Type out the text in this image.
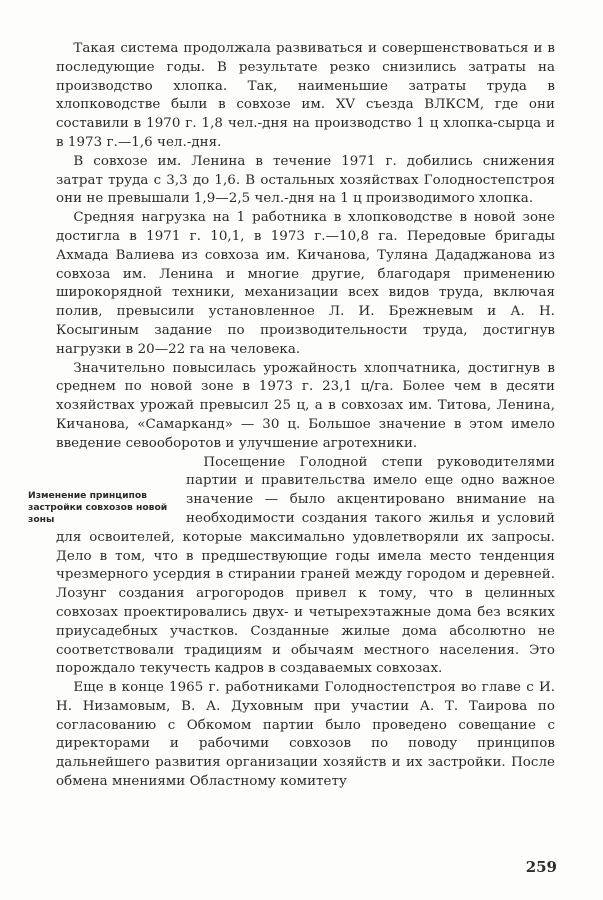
Такая система продолжала развиваться и совершенствоваться и в последующие годы. В результате резко снизились затраты на производство хлопка. Так, наименьшие затраты труда в хлопководстве были в совхозе им. XV съезда ВЛКСМ, где они составили в 1970 г. 1,8 чел.-дня на производство 1 ц хлопка-сырца и в 1973 г.—1,6 чел.-дня.

В совхозе им. Ленина в течение 1971 г. добились снижения затрат труда с 3,3 до 1,6. В остальных хозяйствах Голодностепстроя они не превышали 1,9—2,5 чел.-дня на 1 ц производимого хлопка.

Средняя нагрузка на 1 работника в хлопководстве в новой зоне достигла в 1971 г. 10,1, в 1973 г.—10,8 га. Передовые бригады Ахмада Валиева из совхоза им. Кичанова, Туляна Дададжанова из совхоза им. Ленина и многие другие, благодаря применению широкорядной техники, механизации всех видов труда, включая полив, превысили установленное Л. И. Брежневым и А. Н. Косыгиным задание по производительности труда, достигнув нагрузки в 20—22 га на человека.

Значительно повысилась урожайность хлопчатника, достигнув в среднем по новой зоне в 1973 г. 23,1 ц/га. Более чем в десяти хозяйствах урожай превысил 25 ц, а в совхозах им. Титова, Ленина, Кичанова, «Самарканд» — 30 ц. Большое значение в этом имело введение севооборотов и улучшение агротехники.

Изменение принципов застройки совхозов новой зоны

Посещение Голодной степи руководителями партии и правительства имело еще одно важное значение — было акцентировано внимание на необходимости создания такого жилья и условий для освоителей, которые максимально удовлетворяли их запросы. Дело в том, что в предшествующие годы имела место тенденция чрезмерного усердия в стирании граней между городом и деревней. Лозунг создания агрогородов привел к тому, что в целинных совхозах проектировались двух- и четырехэтажные дома без всяких приусадебных участков. Созданные жилые дома абсолютно не соответствовали традициям и обычаям местного населения. Это порождало текучесть кадров в создаваемых совхозах.

Еще в конце 1965 г. работниками Голодностепстроя во главе с И. Н. Низамовым, В. А. Духовным при участии А. Т. Таирова по согласованию с Обкомом партии было проведено совещание с директорами и рабочими совхозов по поводу принципов дальнейшего развития организации хозяйств и их застройки. После обмена мнениями Областному комитету

259
